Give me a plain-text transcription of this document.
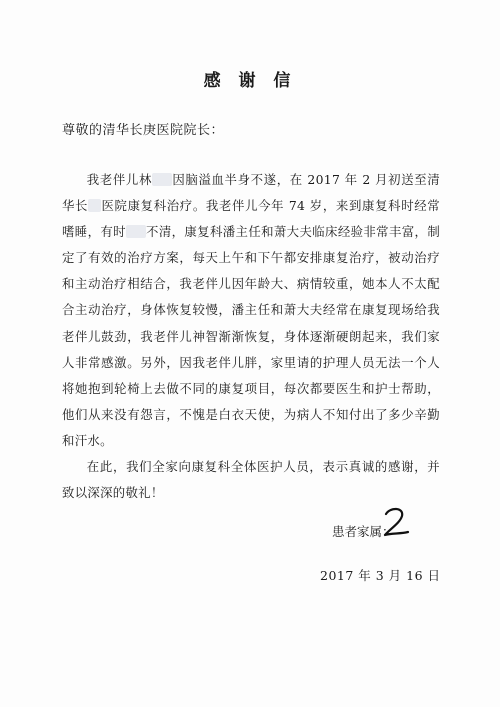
感 谢 信
尊敬的清华长庚医院院长：

我老伴儿林 因脑溢血半身不遂，在 2017 年 2 月初送至清华长 医院康复科治疗。我老伴儿今年 74 岁，来到康复科时经常嗜睡，有时 不清，康复科潘主任和萧大夫临床经验非常丰富，制定了有效的治疗方案，每天上午和下午都安排康复治疗，被动治疗和主动治疗相结合，我老伴儿因年龄大、病情较重，她本人不太配合主动治疗，身体恢复较慢，潘主任和萧大夫经常在康复现场给我老伴儿鼓劲，我老伴儿神智渐渐恢复，身体逐渐硬朗起来，我们家人非常感激。另外，因我老伴儿胖，家里请的护理人员无法一个人将她抱到轮椅上去做不同的康复项目，每次都要医生和护士帮助，他们从来没有怨言，不愧是白衣天使，为病人不知付出了多少辛勤和汗水。

在此，我们全家向康复科全体医护人员，表示真诚的感谢，并致以深深的敬礼！

患者家属：
2017 年 3 月 16 日
